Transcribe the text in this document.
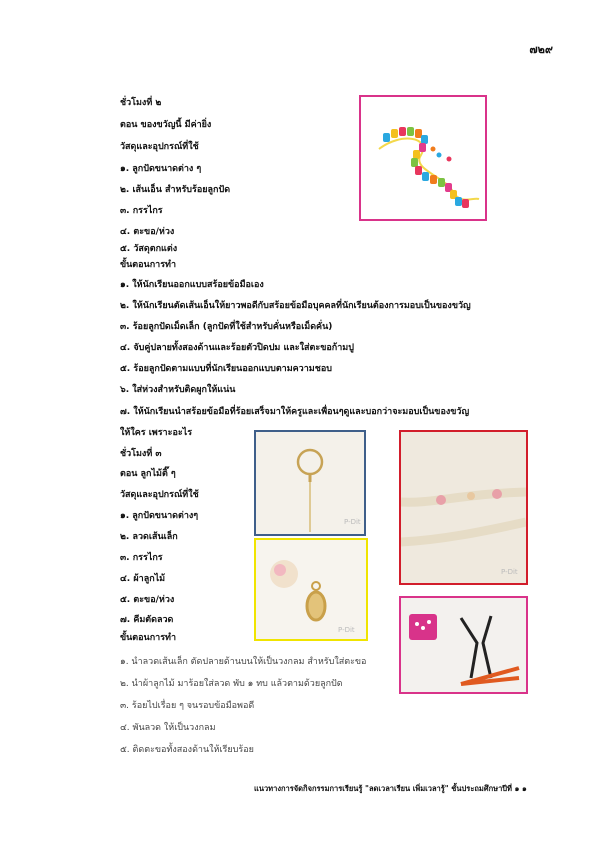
๗๒๙
ชั่วโมงที่ ๒
ตอน ของขวัญนี้ มีค่ายิ่ง
วัสดุและอุปกรณ์ที่ใช้
๑. ลูกปัดขนาดต่าง ๆ
๒. เส้นเอ็น สำหรับร้อยลูกปัด
๓. กรรไกร
๔. ตะขอ/ห่วง
๕. วัสดุตกแต่ง
ขั้นตอนการทำ
๑. ให้นักเรียนออกแบบสร้อยข้อมือเอง
๒. ให้นักเรียนตัดเส้นเอ็นให้ยาวพอดีกับสร้อยข้อมือบุคคลที่นักเรียนต้องการมอบเป็นของขวัญ
๓. ร้อยลูกปัดเม็ดเล็ก (ลูกปัดที่ใช้สำหรับคั่นหรือเม็ดคั่น)
๔. จับคู่ปลายทั้งสองด้านและร้อยตัวปิดปม และใส่ตะขอก้ามปู
๕. ร้อยลูกปัดตามแบบที่นักเรียนออกแบบตามความชอบ
๖. ใส่ห่วงสำหรับติดผูกให้แน่น
๗. ให้นักเรียนนำสร้อยข้อมือที่ร้อยเสร็จมาให้ครูและเพื่อนๆดูและบอกว่าจะมอบเป็นของขวัญ
ให้ใคร เพราะอะไร
ชั่วโมงที่ ๓
ตอน ลูกไม้ติ๊ ๆ
วัสดุและอุปกรณ์ที่ใช้
๑. ลูกปัดขนาดต่างๆ
๒. ลวดเส้นเล็ก
๓. กรรไกร
๔. ผ้าลูกไม้
๕. ตะขอ/ห่วง
๗. คีมตัดลวด
ขั้นตอนการทำ
๑. นำลวดเส้นเล็ก ตัดปลายด้านบนให้เป็นวงกลม สำหรับใส่ตะขอ
๒. นำผ้าลูกไม้ มาร้อยใส่ลวด พับ ๑ ทบ แล้วตามด้วยลูกปัด
๓. ร้อยไปเรื่อย ๆ จนรอบข้อมือพอดี
๔. พันลวด ให้เป็นวงกลม
๕. ติดตะขอทั้งสองด้านให้เรียบร้อย
P-Dit
P-Dit
P-Dit
แนวทางการจัดกิจกรรมการเรียนรู้ "ลดเวลาเรียน เพิ่มเวลารู้" ชั้นประถมศึกษาปีที่ ๑ ๑
